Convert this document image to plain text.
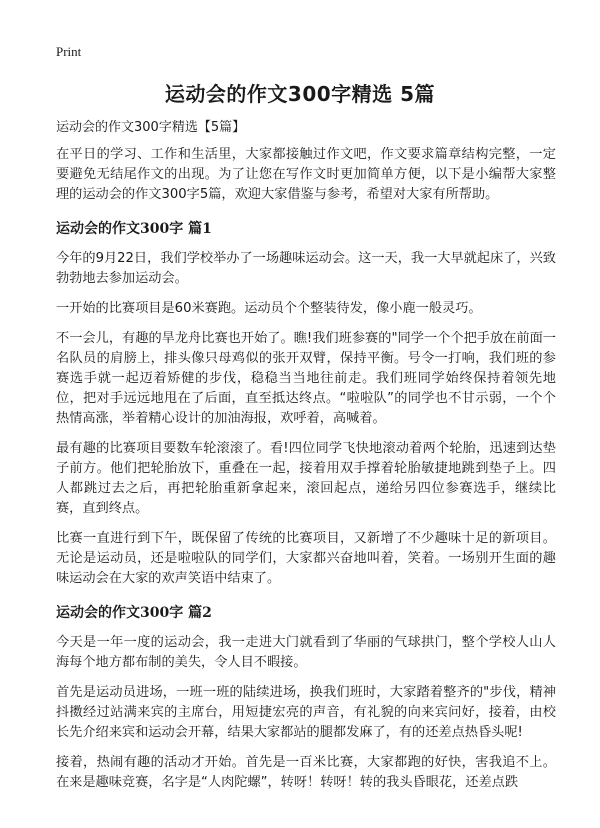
Print
运动会的作文300字精选 5篇
运动会的作文300字精选【5篇】

在平日的学习、工作和生活里，大家都接触过作文吧，作文要求篇章结构完整，一定要避免无结尾作文的出现。为了让您在写作文时更加简单方便，以下是小编帮大家整理的运动会的作文300字5篇，欢迎大家借鉴与参考，希望对大家有所帮助。

运动会的作文300字 篇1

今年的9月22日，我们学校举办了一场趣味运动会。这一天，我一大早就起床了，兴致勃勃地去参加运动会。

一开始的比赛项目是60米赛跑。运动员个个整装待发，像小鹿一般灵巧。

不一会儿，有趣的旱龙舟比赛也开始了。瞧!我们班参赛的"同学一个个把手放在前面一名队员的肩膀上，排头像只母鸡似的张开双臂，保持平衡。号令一打响，我们班的参赛选手就一起迈着矫健的步伐，稳稳当当地往前走。我们班同学始终保持着领先地位，把对手远远地甩在了后面，直至抵达终点。“啦啦队”的同学也不甘示弱，一个个热情高涨，举着精心设计的加油海报，欢呼着，高喊着。

最有趣的比赛项目要数车轮滚滚了。看!四位同学飞快地滚动着两个轮胎，迅速到达垫子前方。他们把轮胎放下，重叠在一起，接着用双手撑着轮胎敏捷地跳到垫子上。四人都跳过去之后，再把轮胎重新拿起来，滚回起点，递给另四位参赛选手，继续比赛，直到终点。

比赛一直进行到下午，既保留了传统的比赛项目，又新增了不少趣味十足的新项目。无论是运动员，还是啦啦队的同学们，大家都兴奋地叫着，笑着。一场别开生面的趣味运动会在大家的欢声笑语中结束了。

运动会的作文300字 篇2

今天是一年一度的运动会，我一走进大门就看到了华丽的气球拱门，整个学校人山人海每个地方都布制的美失，令人目不暇接。

首先是运动员进场，一班一班的陆续进场，换我们班时，大家踏着整齐的"步伐，精神抖擞经过站满来宾的主席台，用短捷宏亮的声音，有礼貌的向来宾问好，接着，由校长先介绍来宾和运动会开幕，结果大家都站的腿都发麻了，有的还差点热昏头呢!

接着，热闹有趣的活动才开始。首先是一百米比赛，大家都跑的好快，害我追不上。在来是趣味竞赛，名字是“人肉陀螺”，转呀！转呀！转的我头昏眼花，还差点跌
